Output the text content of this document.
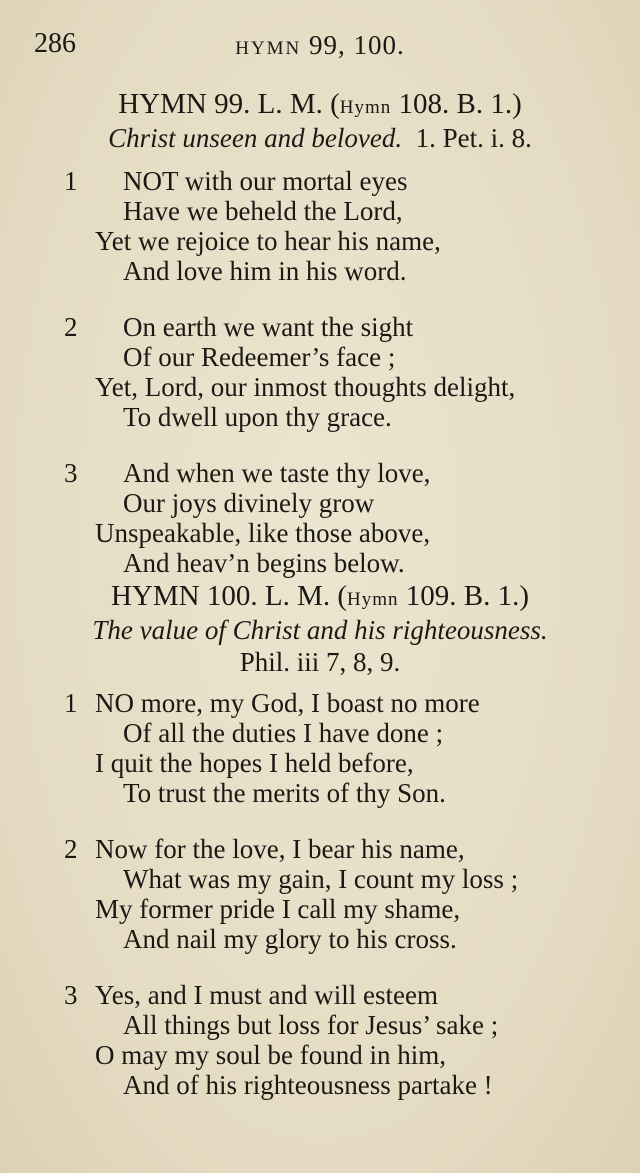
286	HYMN 99, 100.
HYMN 99. L. M. (Hymn 108. B. 1.)
Christ unseen and beloved. 1. Pet. i. 8.
1 NOT with our mortal eyes
Have we beheld the Lord,
Yet we rejoice to hear his name,
And love him in his word.
2 On earth we want the sight
Of our Redeemer’s face ;
Yet, Lord, our inmost thoughts delight,
To dwell upon thy grace.
3 And when we taste thy love,
Our joys divinely grow
Unspeakable, like those above,
And heav’n begins below.
HYMN 100. L. M. (Hymn 109. B. 1.)
The value of Christ and his righteousness.
Phil. iii 7, 8, 9.
1 NO more, my God, I boast no more
Of all the duties I have done ;
I quit the hopes I held before,
To trust the merits of thy Son.
2 Now for the love, I bear his name,
What was my gain, I count my loss ;
My former pride I call my shame,
And nail my glory to his cross.
3 Yes, and I must and will esteem
All things but loss for Jesus’ sake ;
O may my soul be found in him,
And of his righteousness partake !
